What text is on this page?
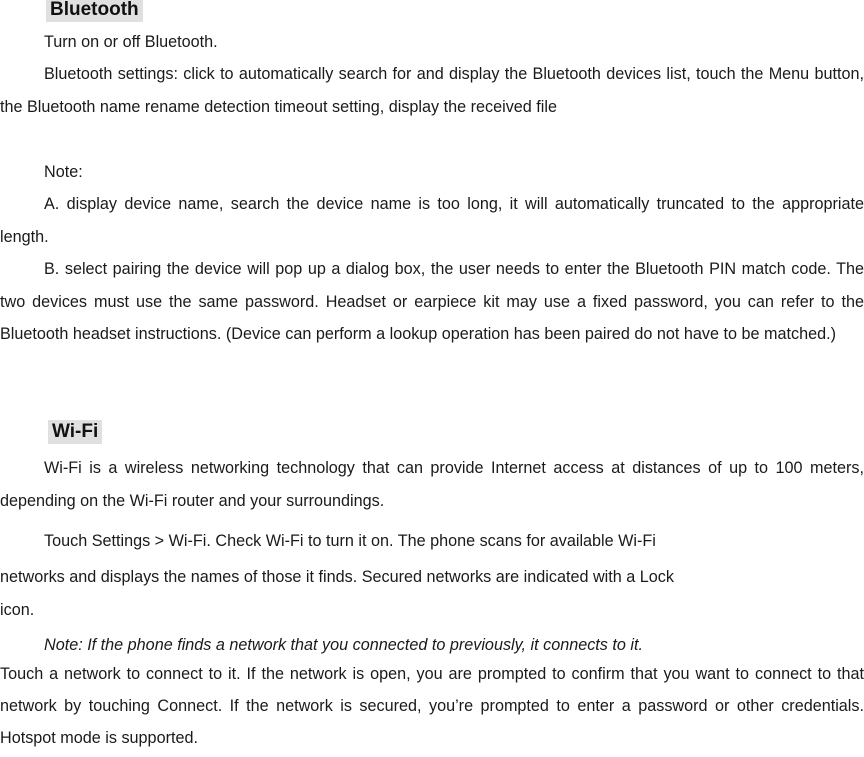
Bluetooth

Turn on or off Bluetooth.

Bluetooth settings: click to automatically search for and display the Bluetooth devices list, touch the Menu button, the Bluetooth name rename detection timeout setting, display the received file

Note:

A. display device name, search the device name is too long, it will automatically truncated to the appropriate length.

B. select pairing the device will pop up a dialog box, the user needs to enter the Bluetooth PIN match code. The two devices must use the same password. Headset or earpiece kit may use a fixed password, you can refer to the Bluetooth headset instructions. (Device can perform a lookup operation has been paired do not have to be matched.)

Wi-Fi

Wi-Fi is a wireless networking technology that can provide Internet access at distances of up to 100 meters, depending on the Wi-Fi router and your surroundings.

Touch Settings > Wi-Fi. Check Wi-Fi to turn it on. The phone scans for available Wi-Fi
networks and displays the names of those it finds. Secured networks are indicated with a Lock
icon.
Note: If the phone finds a network that you connected to previously, it connects to it.

Touch a network to connect to it. If the network is open, you are prompted to confirm that you want to connect to that network by touching Connect. If the network is secured, you’re prompted to enter a password or other credentials. Hotspot mode is supported.
